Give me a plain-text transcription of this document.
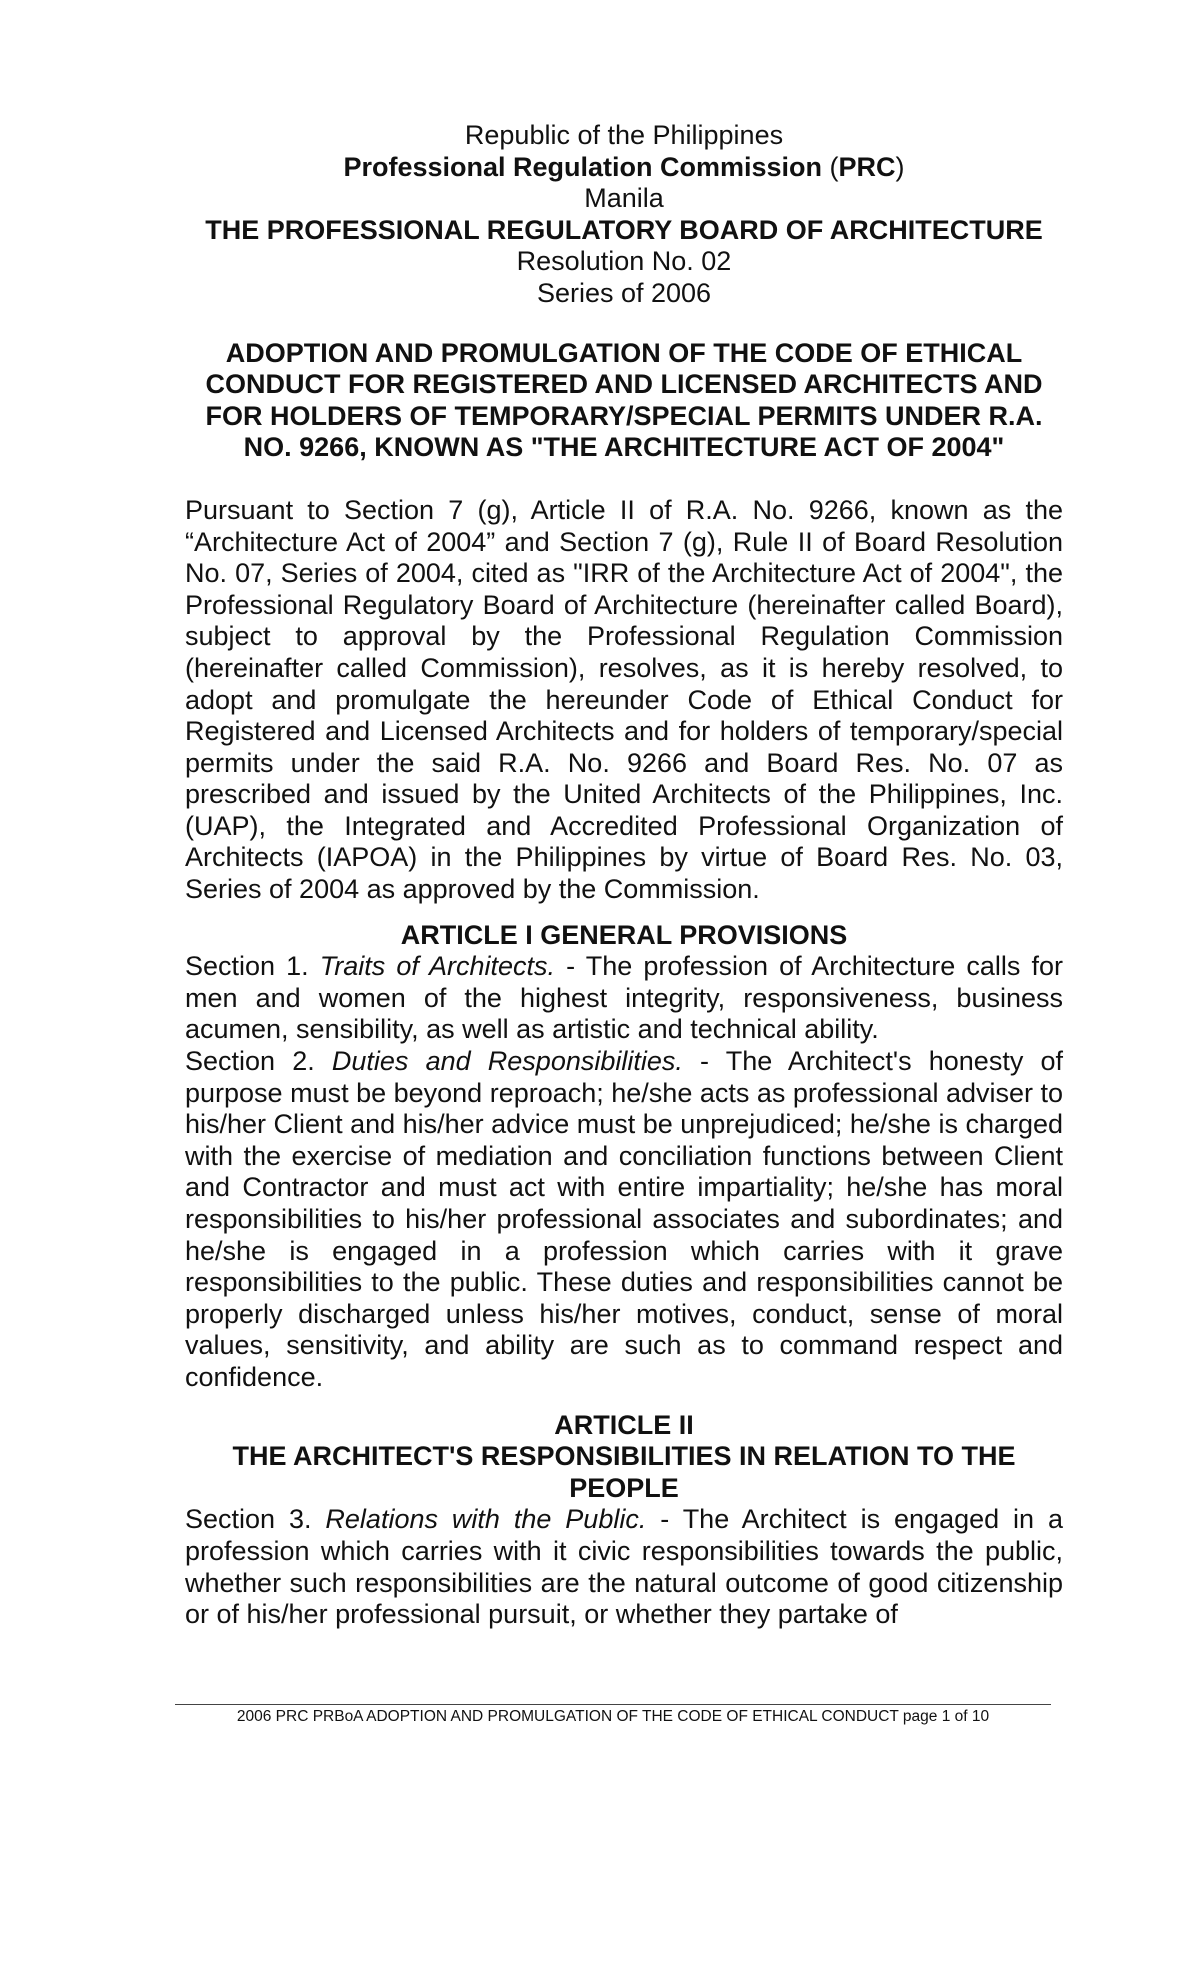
Republic of the Philippines
Professional Regulation Commission (PRC)
Manila
THE PROFESSIONAL REGULATORY BOARD OF ARCHITECTURE
Resolution No. 02
Series of 2006
ADOPTION AND PROMULGATION OF THE CODE OF ETHICAL CONDUCT FOR REGISTERED AND LICENSED ARCHITECTS AND FOR HOLDERS OF TEMPORARY/SPECIAL PERMITS UNDER R.A. NO. 9266, KNOWN AS "THE ARCHITECTURE ACT OF 2004"
Pursuant to Section 7 (g), Article II of R.A. No. 9266, known as the “Architecture Act of 2004” and Section 7 (g), Rule II of Board Resolution No. 07, Series of 2004, cited as "IRR of the Architecture Act of 2004", the Professional Regulatory Board of Architecture (hereinafter called Board), subject to approval by the Professional Regulation Commission (hereinafter called Commission), resolves, as it is hereby resolved, to adopt and promulgate the hereunder Code of Ethical Conduct for Registered and Licensed Architects and for holders of temporary/special permits under the said R.A. No. 9266 and Board Res. No. 07 as prescribed and issued by the United Architects of the Philippines, Inc. (UAP), the Integrated and Accredited Professional Organization of Architects (IAPOA) in the Philippines by virtue of Board Res. No. 03, Series of 2004 as approved by the Commission.
ARTICLE I GENERAL PROVISIONS
Section 1. Traits of Architects. - The profession of Architecture calls for men and women of the highest integrity, responsiveness, business acumen, sensibility, as well as artistic and technical ability.
Section 2. Duties and Responsibilities. - The Architect's honesty of purpose must be beyond reproach; he/she acts as professional adviser to his/her Client and his/her advice must be unprejudiced; he/she is charged with the exercise of mediation and conciliation functions between Client and Contractor and must act with entire impartiality; he/she has moral responsibilities to his/her professional associates and subordinates; and he/she is engaged in a profession which carries with it grave responsibilities to the public. These duties and responsibilities cannot be properly discharged unless his/her motives, conduct, sense of moral values, sensitivity, and ability are such as to command respect and confidence.
ARTICLE II
THE ARCHITECT'S RESPONSIBILITIES IN RELATION TO THE PEOPLE
Section 3. Relations with the Public. - The Architect is engaged in a profession which carries with it civic responsibilities towards the public, whether such responsibilities are the natural outcome of good citizenship or of his/her professional pursuit, or whether they partake of
2006 PRC PRBoA ADOPTION AND PROMULGATION OF THE CODE OF ETHICAL CONDUCT page 1 of 10
